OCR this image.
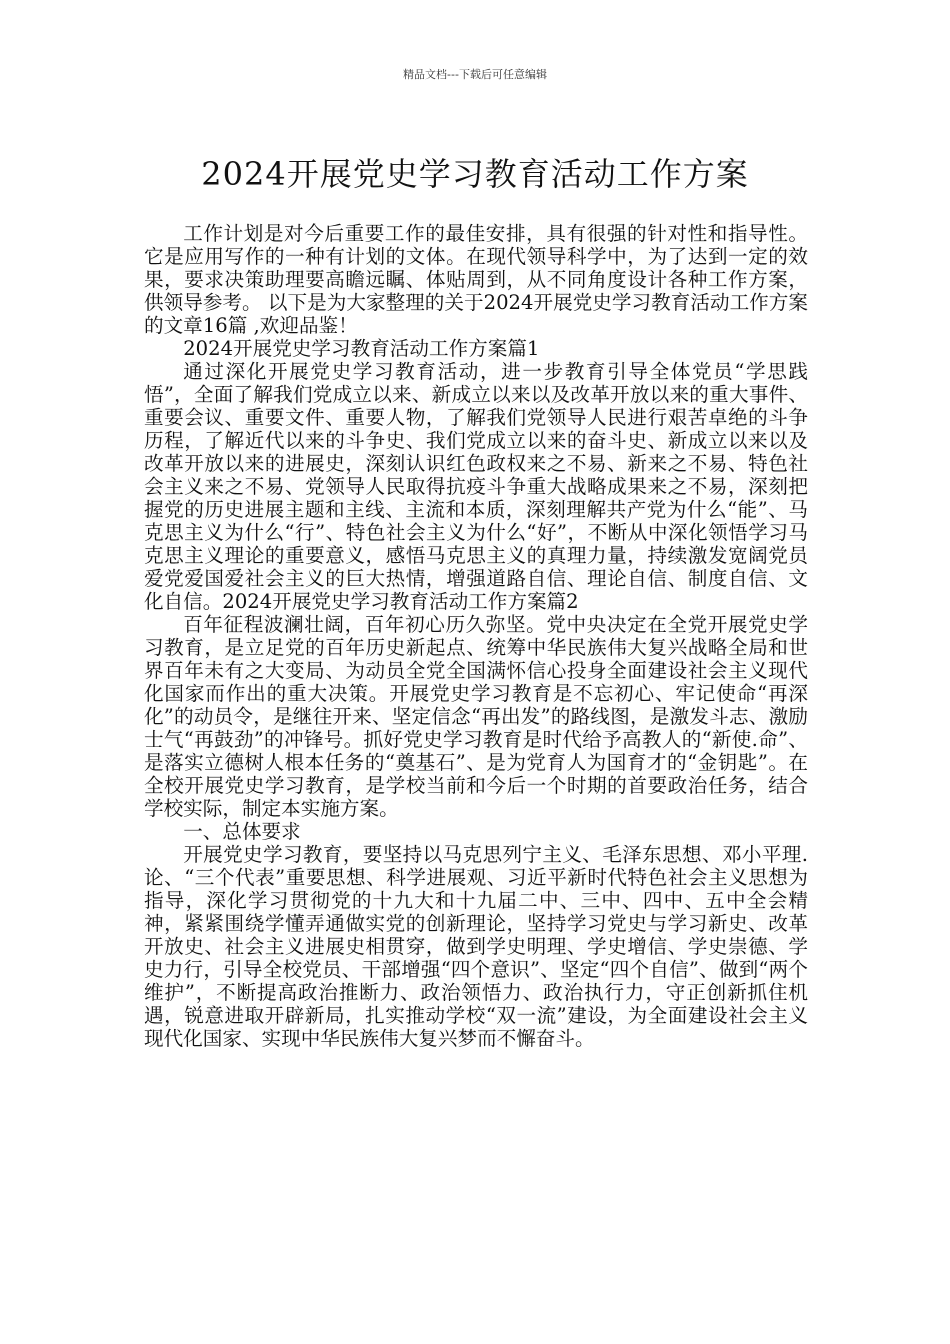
精品文档---下载后可任意编辑
2024开展党史学习教育活动工作方案

工作计划是对今后重要工作的最佳安排，具有很强的针对性和指导性。它是应用写作的一种有计划的文体。在现代领导科学中，为了达到一定的效果，要求决策助理要高瞻远瞩、体贴周到，从不同角度设计各种工作方案，供领导参考。 以下是为大家整理的关于2024开展党史学习教育活动工作方案的文章16篇 ,欢迎品鉴！

2024开展党史学习教育活动工作方案篇1

通过深化开展党史学习教育活动，进一步教育引导全体党员“学思践悟”，全面了解我们党成立以来、新成立以来以及改革开放以来的重大事件、重要会议、重要文件、重要人物，了解我们党领导人民进行艰苦卓绝的斗争历程，了解近代以来的斗争史、我们党成立以来的奋斗史、新成立以来以及改革开放以来的进展史，深刻认识红色政权来之不易、新来之不易、特色社会主义来之不易、党领导人民取得抗疫斗争重大战略成果来之不易，深刻把握党的历史进展主题和主线、主流和本质，深刻理解共产党为什么“能”、马克思主义为什么“行”、特色社会主义为什么“好”，不断从中深化领悟学习马克思主义理论的重要意义，感悟马克思主义的真理力量，持续激发宽阔党员爱党爱国爱社会主义的巨大热情，增强道路自信、理论自信、制度自信、文化自信。2024开展党史学习教育活动工作方案篇2

百年征程波澜壮阔，百年初心历久弥坚。党中央决定在全党开展党史学习教育，是立足党的百年历史新起点、统筹中华民族伟大复兴战略全局和世界百年未有之大变局、为动员全党全国满怀信心投身全面建设社会主义现代化国家而作出的重大决策。开展党史学习教育是不忘初心、牢记使命“再深化”的动员令，是继往开来、坚定信念“再出发”的路线图，是激发斗志、激励士气“再鼓劲”的冲锋号。抓好党史学习教育是时代给予高教人的“新使.命”、是落实立德树人根本任务的“奠基石”、是为党育人为国育才的“金钥匙”。在全校开展党史学习教育，是学校当前和今后一个时期的首要政治任务，结合学校实际，制定本实施方案。

一、总体要求

开展党史学习教育，要坚持以马克思列宁主义、毛泽东思想、邓小平理.论、“三个代表”重要思想、科学进展观、习近平新时代特色社会主义思想为指导，深化学习贯彻党的十九大和十九届二中、三中、四中、五中全会精神，紧紧围绕学懂弄通做实党的创新理论，坚持学习党史与学习新史、改革开放史、社会主义进展史相贯穿，做到学史明理、学史增信、学史崇德、学史力行，引导全校党员、干部增强“四个意识”、坚定“四个自信”、做到“两个维护”，不断提高政治推断力、政治领悟力、政治执行力，守正创新抓住机遇，锐意进取开辟新局，扎实推动学校“双一流”建设，为全面建设社会主义现代化国家、实现中华民族伟大复兴梦而不懈奋斗。
